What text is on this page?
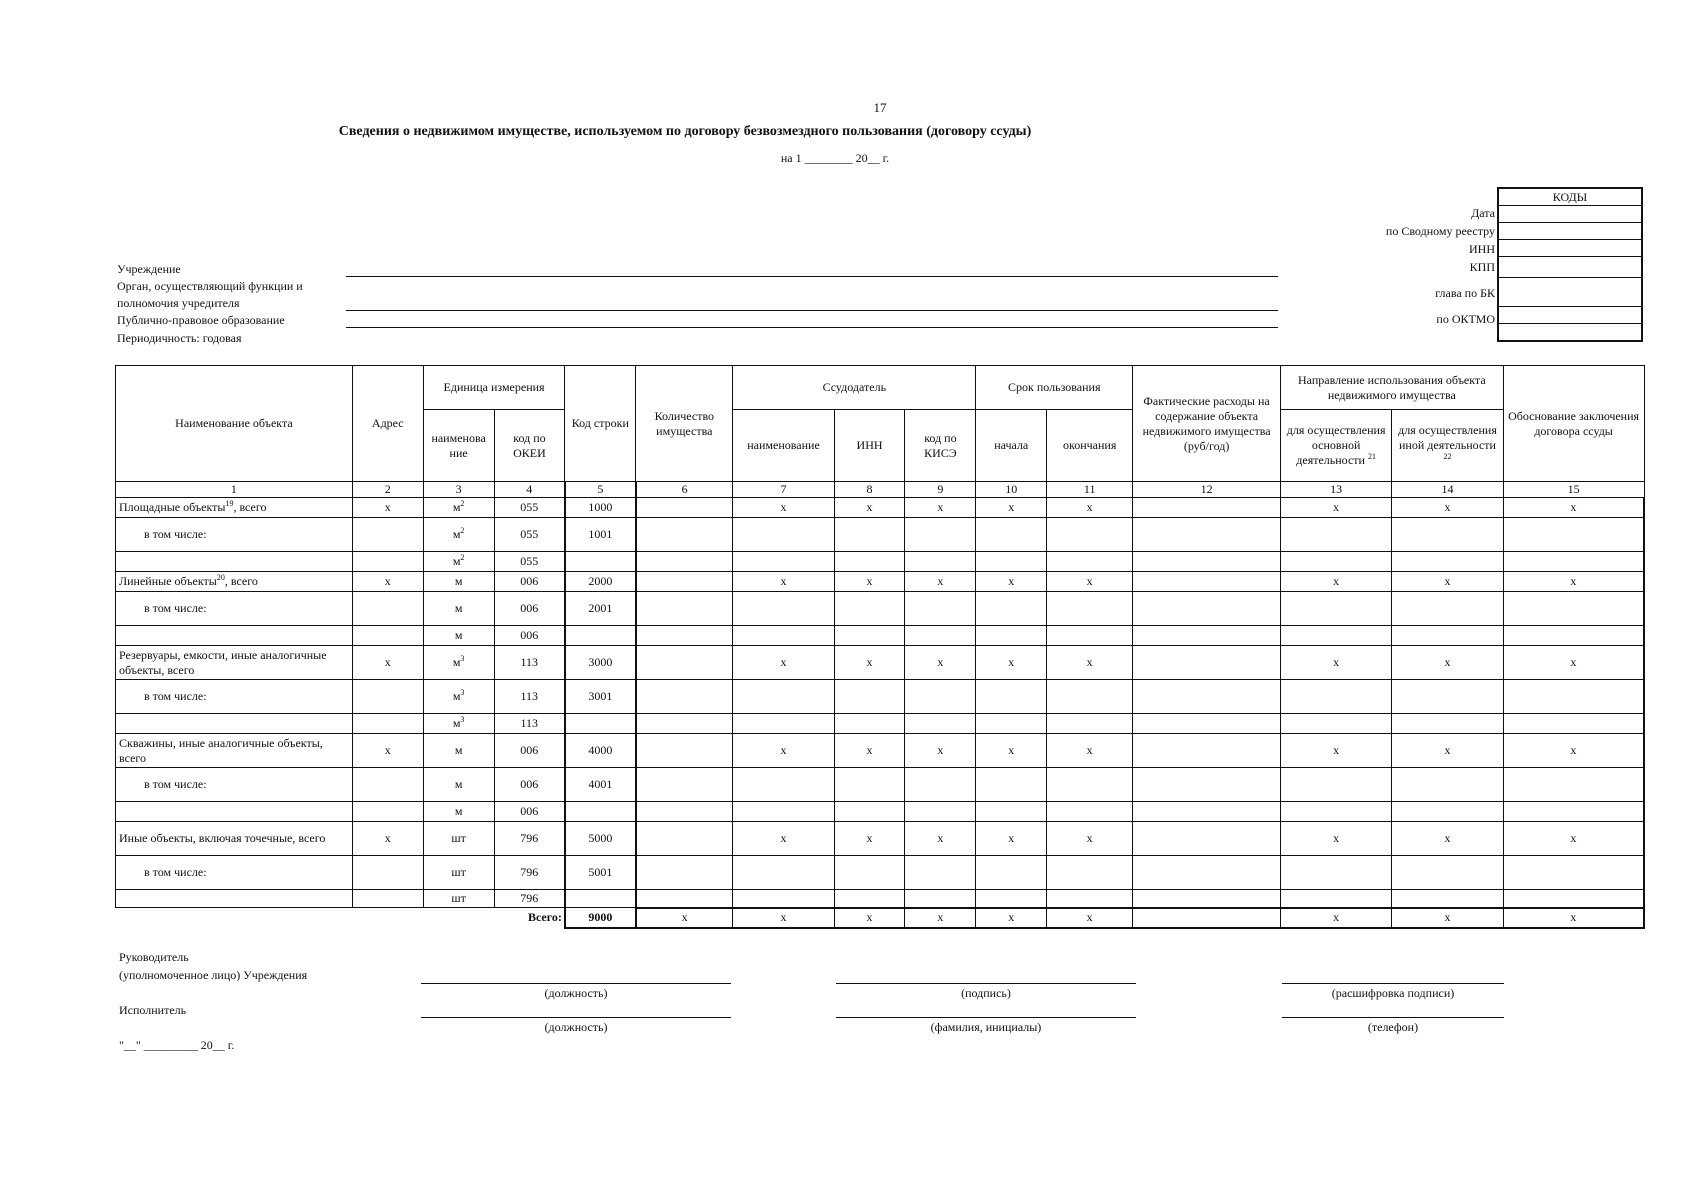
17
Сведения о недвижимом имуществе, используемом по договору безвозмездного пользования (договору ссуды)
на 1 ________ 20__ г.
КОДЫ

Дата
по Сводному реестру
ИНН
КПП
глава по БК
по ОКТМО
Учреждение
Орган, осуществляющий функции и
полномочия учредителя
Публично-правовое образование
Периодичность: годовая
Наименование объекта	Адрес	Единица измерения		Код строки	Количество имущества	Ссудодатель			Срок пользования		Фактические расходы на содержание объекта недвижимого имущества (руб/год)	Направление использования объекта недвижимого имущества		Обоснование заключения договора ссуды
		наименова ние	код по ОКЕИ			наименование	ИНН	код по КИСЭ	начала	окончания		для осуществления основной деятельности $^{21}$	для осуществления иной деятельности $^{22}$
1	2	3	4	5	6	7	8	9	10	11	12	13	14	15
Площадные объекты$^{19}$, всего	x	$м^2$	055	1000		x	x	x	x	x		x	x	x
в том числе:		$м^2$	055	1001										
		$м^2$	055											
Линейные объекты$^{20}$, всего	x	м	006	2000		x	x	x	x	x		x	x	x
в том числе:		м	006	2001										
		м	006											
Резервуары, емкости, иные аналогичные объекты, всего	x	$м^3$	113	3000		x	x	x	x	x		x	x	x
в том числе:		$м^3$	113	3001										
		$м^3$	113											
Скважины, иные аналогичные объекты, всего	x	м	006	4000		x	x	x	x	x		x	x	x
в том числе:		м	006	4001										
		м	006											
Иные объекты, включая точечные, всего	x	шт	796	5000		x	x	x	x	x		x	x	x
в том числе:		шт	796	5001										
		шт	796											
Всего:				9000	x	x	x	x	x	x		x	x	x
Руководитель
(уполномоченное лицо) Учреждения
(должность)	(подпись)	(расшифровка подписи)
Исполнитель
(должность)	(фамилия, инициалы)	(телефон)
"__" _________ 20__ г.
